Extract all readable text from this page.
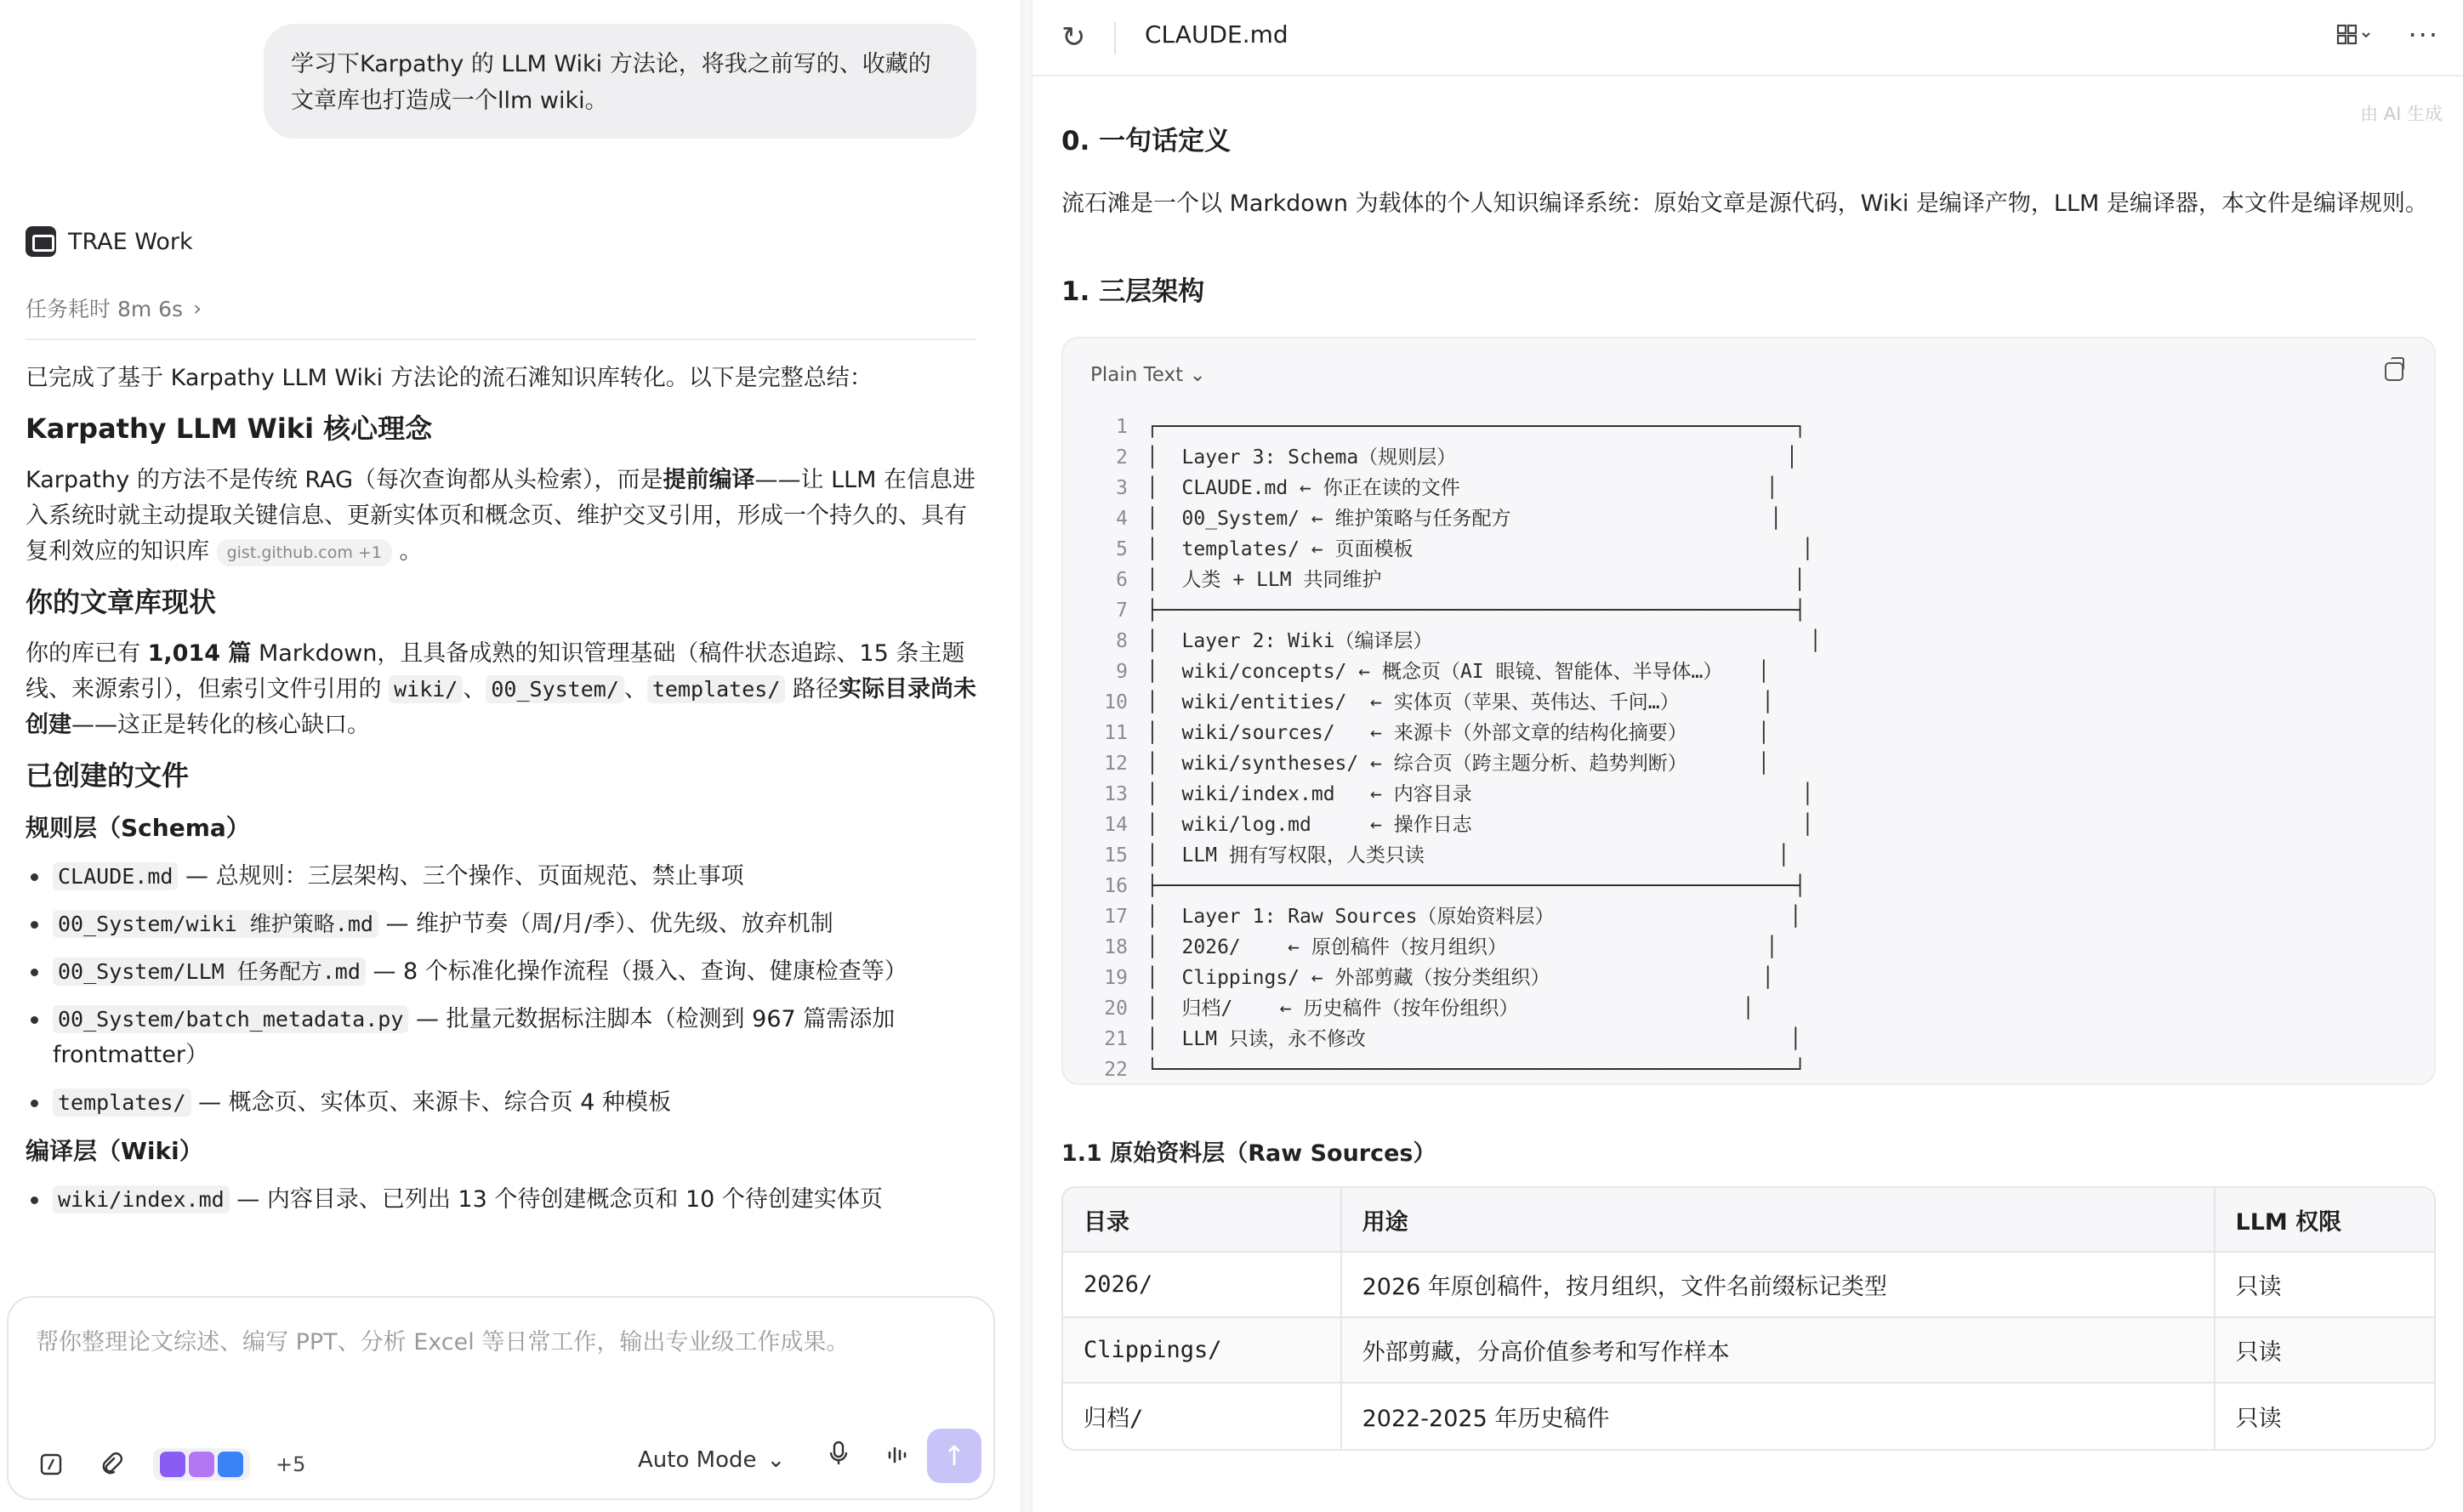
学习下Karpathy 的 LLM Wiki 方法论，将我之前写的、收藏的文章库也打造成一个llm wiki。
TRAE Work
任务耗时 8m 6s ›

已完成了基于 Karpathy LLM Wiki 方法论的流石滩知识库转化。以下是完整总结：

Karpathy LLM Wiki 核心理念

Karpathy 的方法不是传统 RAG（每次查询都从头检索），而是提前编译——让 LLM 在信息进入系统时就主动提取关键信息、更新实体页和概念页、维护交叉引用，形成一个持久的、具有复利效应的知识库 gist.github.com +1 。

你的文章库现状

你的库已有 1,014 篇 Markdown，且具备成熟的知识管理基础（稿件状态追踪、15 条主题线、来源索引），但索引文件引用的 wiki/ 、 00_System/ 、 templates/ 路径实际目录尚未创建——这正是转化的核心缺口。

已创建的文件
规则层（Schema）
CLAUDE.md — 总规则：三层架构、三个操作、页面规范、禁止事项
00_System/wiki 维护策略.md — 维护节奏（周/月/季）、优先级、放弃机制
00_System/LLM 任务配方.md — 8 个标准化操作流程（摄入、查询、健康检查等）
00_System/batch_metadata.py — 批量元数据标注脚本（检测到 967 篇需添加 frontmatter）
templates/ — 概念页、实体页、来源卡、综合页 4 种模板
编译层（Wiki）
wiki/index.md — 内容目录、已列出 13 个待创建概念页和 10 个待创建实体页
帮你整理论文综述、编写 PPT、分析 Excel 等日常工作，输出专业级工作成果。
+5	Auto Mode ⌄	↑
↻ CLAUDE.md	···
由 AI 生成
0. 一句话定义
流石滩是一个以 Markdown 为载体的个人知识编译系统：原始文章是源代码，Wiki 是编译产物，LLM 是编译器，本文件是编译规则。
1. 三层架构
Plain Text ⌄
1 ┌──────────────────────────────────────────────────────┐
2 │  Layer 3: Schema（规则层）                            │
3 │  CLAUDE.md ← 你正在读的文件                          │
4 │  00_System/ ← 维护策略与任务配方                      │
5 │  templates/ ← 页面模板                                 │
6 │  人类 + LLM 共同维护                                   │
7 ├──────────────────────────────────────────────────────┤
8 │  Layer 2: Wiki（编译层）                                │
9 │  wiki/concepts/ ← 概念页（AI 眼镜、智能体、半导体…）   │
10 │  wiki/entities/  ← 实体页（苹果、英伟达、千问…）       │
11 │  wiki/sources/   ← 来源卡（外部文章的结构化摘要）      │
12 │  wiki/syntheses/ ← 综合页（跨主题分析、趋势判断）      │
13 │  wiki/index.md   ← 内容目录                            │
14 │  wiki/log.md     ← 操作日志                            │
15 │  LLM 拥有写权限，人类只读                              │
16 ├──────────────────────────────────────────────────────┤
17 │  Layer 1: Raw Sources（原始资料层）                    │
18 │  2026/    ← 原创稿件（按月组织）                      │
19 │  Clippings/ ← 外部剪藏（按分类组织）                  │
20 │  归档/    ← 历史稿件（按年份组织）                   │
21 │  LLM 只读，永不修改                                    │
22 └──────────────────────────────────────────────────────┘
1.1 原始资料层（Raw Sources）
目录	用途	LLM 权限
2026/	2026 年原创稿件，按月组织，文件名前缀标记类型	只读
Clippings/	外部剪藏，分高价值参考和写作样本	只读
归档/	2022-2025 年历史稿件	只读
